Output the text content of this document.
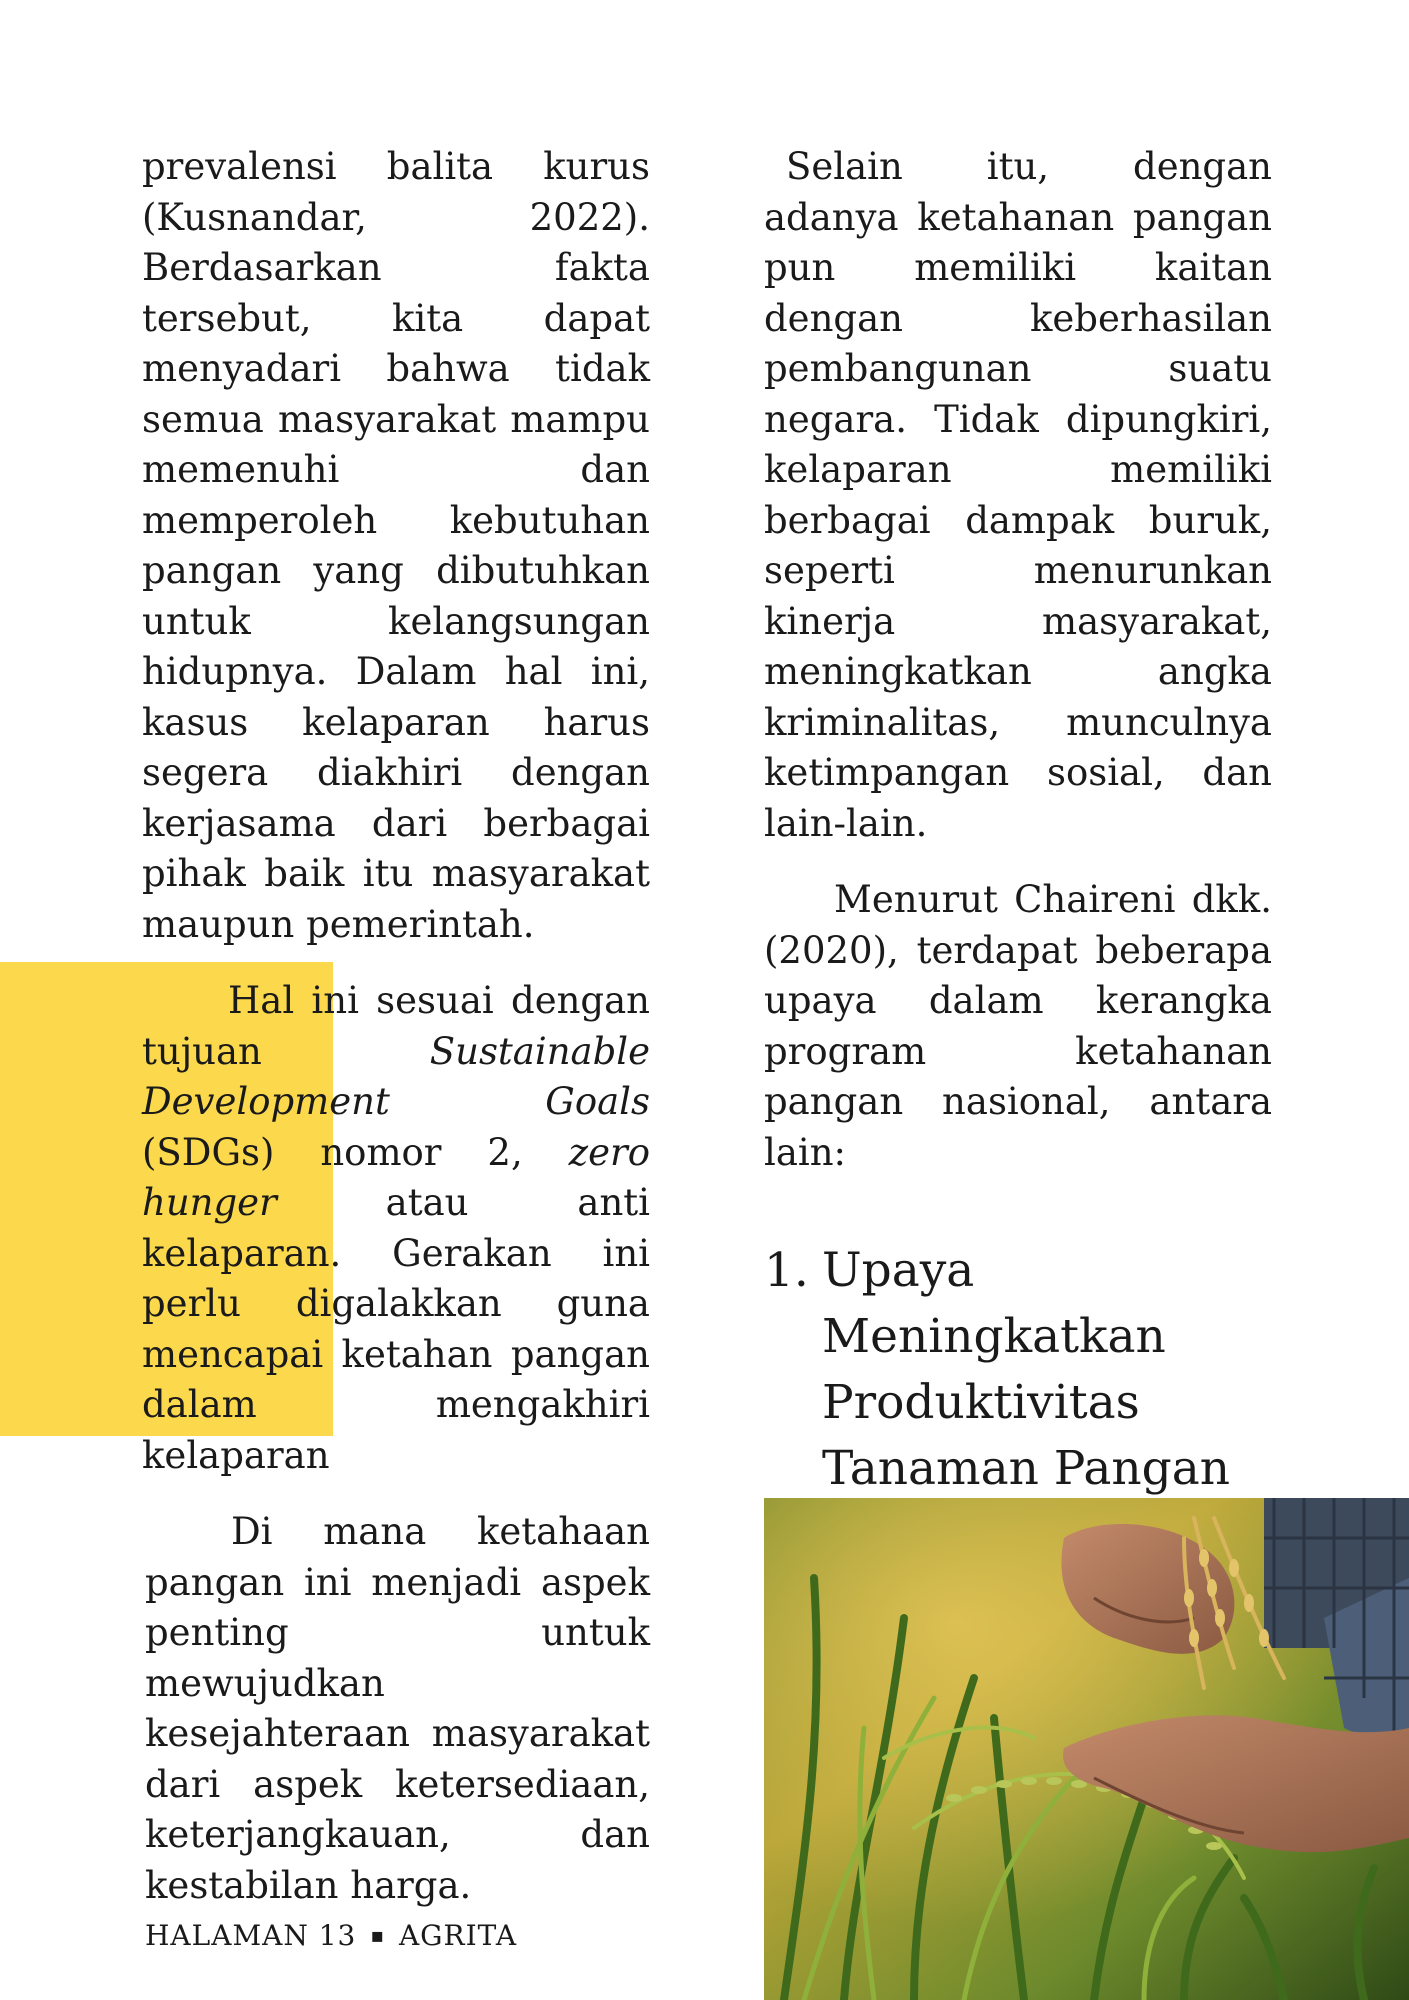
prevalensi balita kurus (Kusnandar, 2022). Berdasarkan fakta tersebut, kita dapat menyadari bahwa tidak semua masyarakat mampu memenuhi dan memperoleh kebutuhan pangan yang dibutuhkan untuk kelangsungan hidupnya. Dalam hal ini, kasus kelaparan harus segera diakhiri dengan kerjasama dari berbagai pihak baik itu masyarakat maupun pemerintah.

Hal ini sesuai dengan tujuan Sustainable Development Goals (SDGs) nomor 2, zero hunger atau anti kelaparan. Gerakan ini perlu digalakkan guna mencapai ketahan pangan dalam mengakhiri kelaparan

Di mana ketahaan pangan ini menjadi aspek penting untuk mewujudkan kesejahteraan masyarakat dari aspek ketersediaan, keterjangkauan, dan kestabilan harga.

Selain itu, dengan adanya ketahanan pangan pun memiliki kaitan dengan keberhasilan pembangunan suatu negara. Tidak dipungkiri, kelaparan memiliki berbagai dampak buruk, seperti menurunkan kinerja masyarakat, meningkatkan angka kriminalitas, munculnya ketimpangan sosial, dan lain-lain.

Menurut Chaireni dkk. (2020), terdapat beberapa upaya dalam kerangka program ketahanan pangan nasional, antara lain:

1. Upaya Meningkatkan Produktivitas Tanaman Pangan
HALAMAN 13 ▪ AGRITA
